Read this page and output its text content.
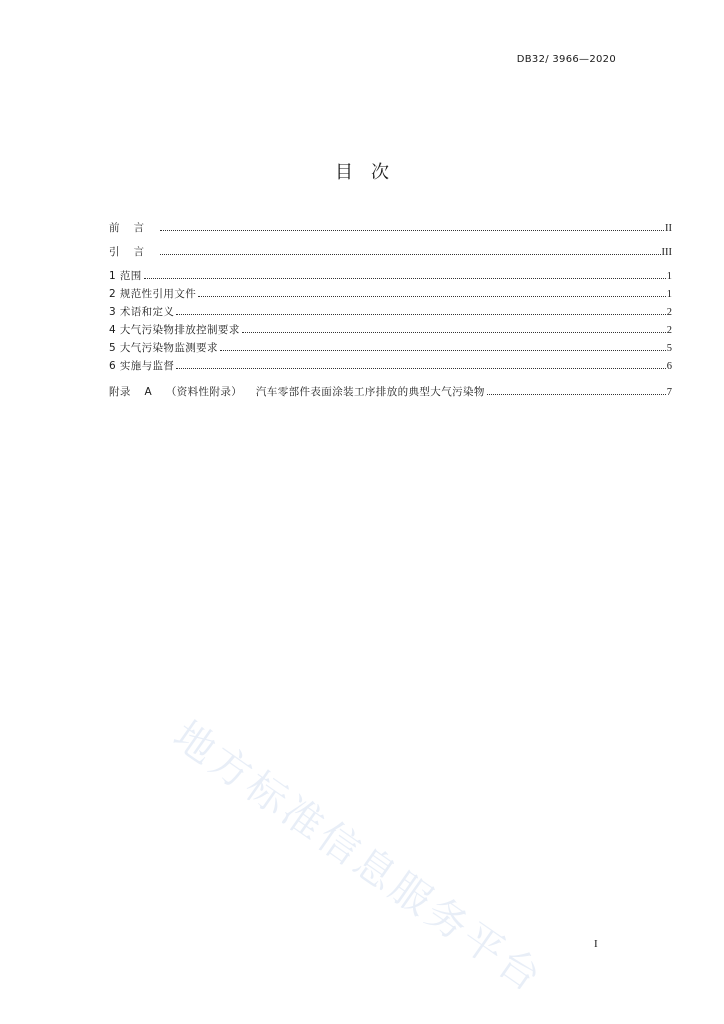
DB32/ 3966—2020
目次
前言	II
引言	III
1 范围	1
2 规范性引用文件	1
3 术语和定义	2
4 大气污染物排放控制要求	2
5 大气污染物监测要求	5
6 实施与监督	6
附录 A （资料性附录） 汽车零部件表面涂装工序排放的典型大气污染物	7
地方标准信息服务平台	I
